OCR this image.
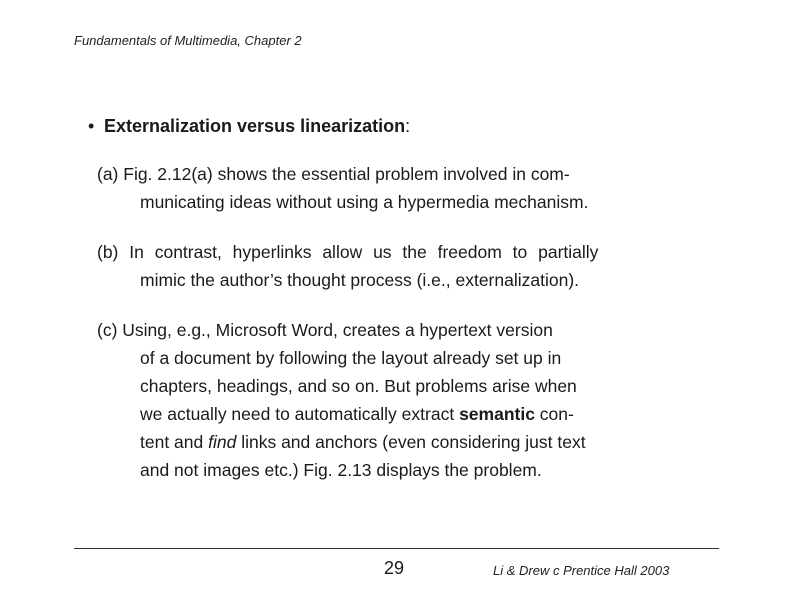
Fundamentals of Multimedia, Chapter 2
• Externalization versus linearization:
(a) Fig. 2.12(a) shows the essential problem involved in com-
municating ideas without using a hypermedia mechanism.
(b) In contrast, hyperlinks allow us the freedom to partially
mimic the author’s thought process (i.e., externalization).
(c) Using, e.g., Microsoft Word, creates a hypertext version
of a document by following the layout already set up in
chapters, headings, and so on. But problems arise when
we actually need to automatically extract semantic con-
tent and find links and anchors (even considering just text
and not images etc.) Fig. 2.13 displays the problem.
29	Li & Drew c Prentice Hall 2003
